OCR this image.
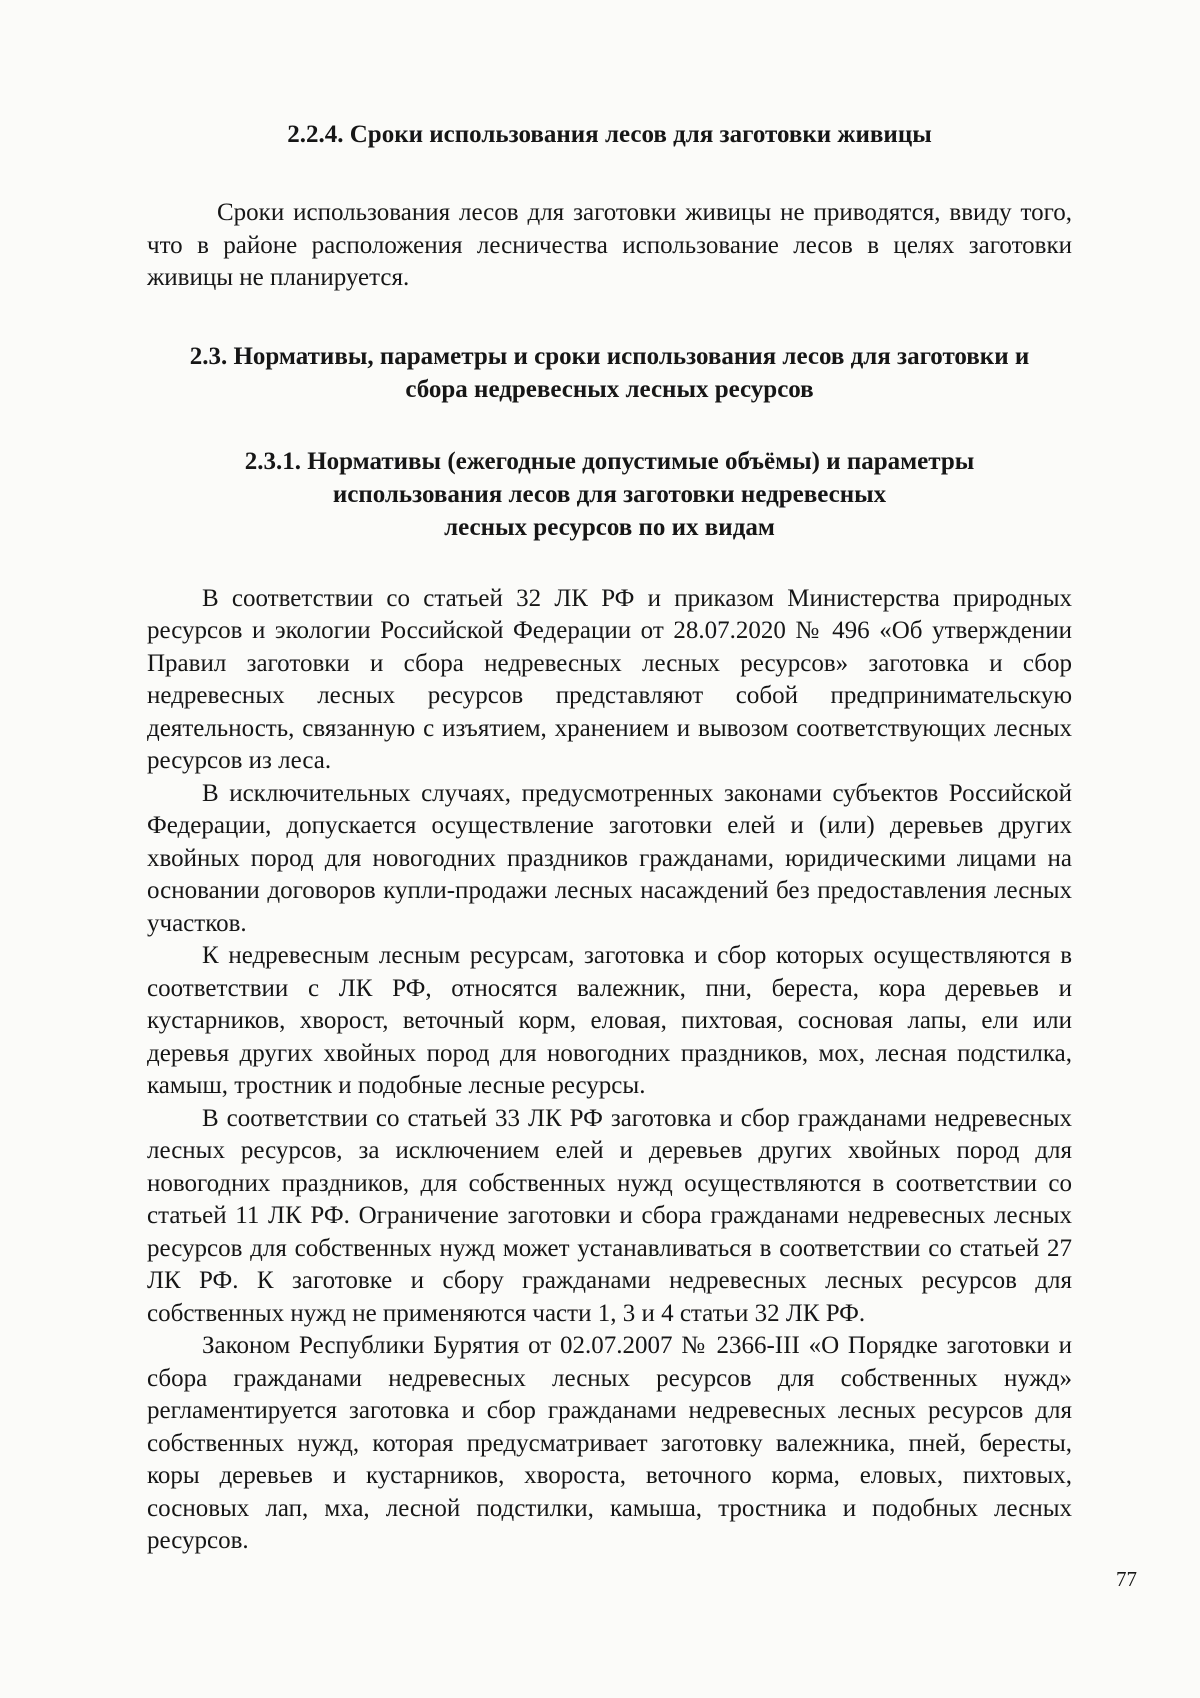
2.2.4. Сроки использования лесов для заготовки живицы

Сроки использования лесов для заготовки живицы не приводятся, ввиду того, что в районе расположения лесничества использование лесов в целях заготовки живицы не планируется.

2.3. Нормативы, параметры и сроки использования лесов для заготовки и
сбора недревесных лесных ресурсов
2.3.1. Нормативы (ежегодные допустимые объёмы) и параметры
использования лесов для заготовки недревесных
лесных ресурсов по их видам

В соответствии со статьей 32 ЛК РФ и приказом Министерства природных ресурсов и экологии Российской Федерации от 28.07.2020 № 496 «Об утверждении Правил заготовки и сбора недревесных лесных ресурсов» заготовка и сбор недревесных лесных ресурсов представляют собой предпринимательскую деятельность, связанную с изъятием, хранением и вывозом соответствующих лесных ресурсов из леса.

В исключительных случаях, предусмотренных законами субъектов Российской Федерации, допускается осуществление заготовки елей и (или) деревьев других хвойных пород для новогодних праздников гражданами, юридическими лицами на основании договоров купли-продажи лесных насаждений без предоставления лесных участков.

К недревесным лесным ресурсам, заготовка и сбор которых осуществляются в соответствии с ЛК РФ, относятся валежник, пни, береста, кора деревьев и кустарников, хворост, веточный корм, еловая, пихтовая, сосновая лапы, ели или деревья других хвойных пород для новогодних праздников, мох, лесная подстилка, камыш, тростник и подобные лесные ресурсы.

В соответствии со статьей 33 ЛК РФ заготовка и сбор гражданами недревесных лесных ресурсов, за исключением елей и деревьев других хвойных пород для новогодних праздников, для собственных нужд осуществляются в соответствии со статьей 11 ЛК РФ. Ограничение заготовки и сбора гражданами недревесных лесных ресурсов для собственных нужд может устанавливаться в соответствии со статьей 27 ЛК РФ. К заготовке и сбору гражданами недревесных лесных ресурсов для собственных нужд не применяются части 1, 3 и 4 статьи 32 ЛК РФ.

Законом Республики Бурятия от 02.07.2007 № 2366-III «О Порядке заготовки и сбора гражданами недревесных лесных ресурсов для собственных нужд» регламентируется заготовка и сбор гражданами недревесных лесных ресурсов для собственных нужд, которая предусматривает заготовку валежника, пней, бересты, коры деревьев и кустарников, хвороста, веточного корма, еловых, пихтовых, сосновых лап, мха, лесной подстилки, камыша, тростника и подобных лесных ресурсов.

77
